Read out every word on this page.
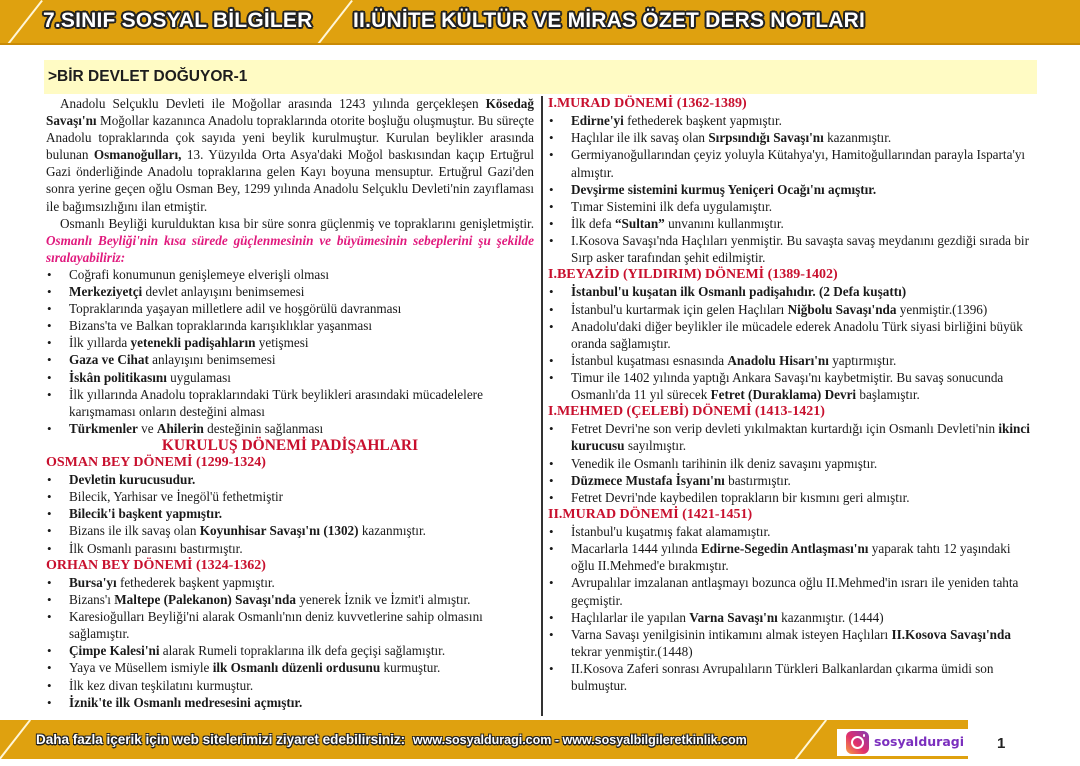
7.SINIF SOSYAL BİLGİLER II.ÜNİTE KÜLTÜR VE MİRAS ÖZET DERS NOTLARI
>BİR DEVLET DOĞUYOR-1

Anadolu Selçuklu Devleti ile Moğollar arasında 1243 yılında gerçekleşen Kösedağ Savaşı'nı Moğollar kazanınca Anadolu topraklarında otorite boşluğu oluşmuştur. Bu süreçte Anadolu topraklarında çok sayıda yeni beylik kurulmuştur. Kurulan beylikler arasında bulunan Osmanoğulları, 13. Yüzyılda Orta Asya'daki Moğol baskısından kaçıp Ertuğrul Gazi önderliğinde Anadolu topraklarına gelen Kayı boyuna mensuptur. Ertuğrul Gazi'den sonra yerine geçen oğlu Osman Bey, 1299 yılında Anadolu Selçuklu Devleti'nin zayıflaması ile bağımsızlığını ilan etmiştir.

Osmanlı Beyliği kurulduktan kısa bir süre sonra güçlenmiş ve topraklarını genişletmiştir. Osmanlı Beyliği'nin kısa sürede güçlenmesinin ve büyümesinin sebeplerini şu şekilde sıralayabiliriz:

• Coğrafi konumunun genişlemeye elverişli olması
• Merkeziyetçi devlet anlayışını benimsemesi
• Topraklarında yaşayan milletlere adil ve hoşgörülü davranması
• Bizans'ta ve Balkan topraklarında karışıklıklar yaşanması
• İlk yıllarda yetenekli padişahların yetişmesi
• Gaza ve Cihat anlayışını benimsemesi
• İskân politikasını uygulaması
• İlk yıllarında Anadolu topraklarındaki Türk beylikleri arasındaki mücadelelere karışmaması onların desteğini alması
• Türkmenler ve Ahilerin desteğinin sağlanması
KURULUŞ DÖNEMİ PADİŞAHLARI
OSMAN BEY DÖNEMİ (1299-1324)
• Devletin kurucusudur.
• Bilecik, Yarhisar ve İnegöl'ü fethetmiştir
• Bilecik'i başkent yapmıştır.
• Bizans ile ilk savaş olan Koyunhisar Savaşı'nı (1302) kazanmıştır.
• İlk Osmanlı parasını bastırmıştır.
ORHAN BEY DÖNEMİ (1324-1362)
• Bursa'yı fethederek başkent yapmıştır.
• Bizans'ı Maltepe (Palekanon) Savaşı'nda yenerek İznik ve İzmit'i almıştır.
• Karesioğulları Beyliği'ni alarak Osmanlı'nın deniz kuvvetlerine sahip olmasını sağlamıştır.
• Çimpe Kalesi'ni alarak Rumeli topraklarına ilk defa geçişi sağlamıştır.
• Yaya ve Müsellem ismiyle ilk Osmanlı düzenli ordusunu kurmuştur.
• İlk kez divan teşkilatını kurmuştur.
• İznik'te ilk Osmanlı medresesini açmıştır.
I.MURAD DÖNEMİ (1362-1389)
• Edirne'yi fethederek başkent yapmıştır.
• Haçlılar ile ilk savaş olan Sırpsındığı Savaşı'nı kazanmıştır.
• Germiyanoğullarından çeyiz yoluyla Kütahya'yı, Hamitoğullarından parayla Isparta'yı almıştır.
• Devşirme sistemini kurmuş Yeniçeri Ocağı'nı açmıştır.
• Tımar Sistemini ilk defa uygulamıştır.
• İlk defa “Sultan” unvanını kullanmıştır.
• I.Kosova Savaşı'nda Haçlıları yenmiştir. Bu savaşta savaş meydanını gezdiği sırada bir Sırp asker tarafından şehit edilmiştir.
I.BEYAZİD (YILDIRIM) DÖNEMİ (1389-1402)
• İstanbul'u kuşatan ilk Osmanlı padişahıdır. (2 Defa kuşattı)
• İstanbul'u kurtarmak için gelen Haçlıları Niğbolu Savaşı'nda yenmiştir.(1396)
• Anadolu'daki diğer beylikler ile mücadele ederek Anadolu Türk siyasi birliğini büyük oranda sağlamıştır.
• İstanbul kuşatması esnasında Anadolu Hisarı'nı yaptırmıştır.
• Timur ile 1402 yılında yaptığı Ankara Savaşı'nı kaybetmiştir. Bu savaş sonucunda Osmanlı'da 11 yıl sürecek Fetret (Duraklama) Devri başlamıştır.
I.MEHMED (ÇELEBİ) DÖNEMİ (1413-1421)
• Fetret Devri'ne son verip devleti yıkılmaktan kurtardığı için Osmanlı Devleti'nin ikinci kurucusu sayılmıştır.
• Venedik ile Osmanlı tarihinin ilk deniz savaşını yapmıştır.
• Düzmece Mustafa İsyanı'nı bastırmıştır.
• Fetret Devri'nde kaybedilen toprakların bir kısmını geri almıştır.
II.MURAD DÖNEMİ (1421-1451)
• İstanbul'u kuşatmış fakat alamamıştır.
• Macarlarla 1444 yılında Edirne-Segedin Antlaşması'nı yaparak tahtı 12 yaşındaki oğlu II.Mehmed'e bırakmıştır.
• Avrupalılar imzalanan antlaşmayı bozunca oğlu II.Mehmed'in ısrarı ile yeniden tahta geçmiştir.
• Haçlılarlar ile yapılan Varna Savaşı'nı kazanmıştır. (1444)
• Varna Savaşı yenilgisinin intikamını almak isteyen Haçlıları II.Kosova Savaşı'nda tekrar yenmiştir.(1448)
• II.Kosova Zaferi sonrası Avrupalıların Türkleri Balkanlardan çıkarma ümidi son bulmuştur.
Daha fazla içerik için web sitelerimizi ziyaret edebilirsiniz: www.sosyalduragi.com - www.sosyalbilgileretkinlik.com	sosyalduragi 1
